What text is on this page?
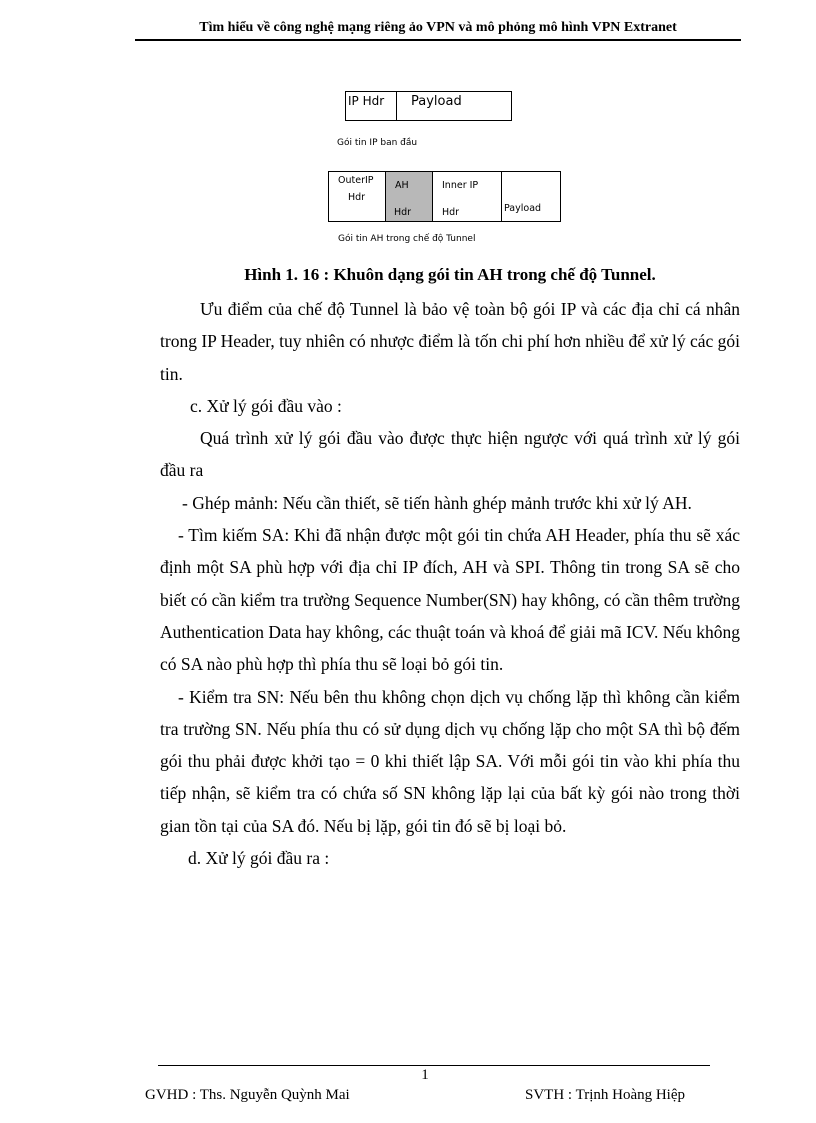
Tìm hiểu về công nghệ mạng riêng ảo VPN và mô phỏng mô hình VPN Extranet
IP Hdr Payload
Gói tin IP ban đầu
OuterIP
Hdr
AH
Hdr
Inner IP
Hdr	Payload
Gói tin AH trong chế độ Tunnel
Hình 1. 16 : Khuôn dạng gói tin AH trong chế độ Tunnel.

Ưu điểm của chế độ Tunnel là bảo vệ toàn bộ gói IP và các địa chỉ cá nhân trong IP Header, tuy nhiên có nhược điểm là tốn chi phí hơn nhiều để xử lý các gói tin.

c. Xử lý gói đầu vào :

Quá trình xử lý gói đầu vào được thực hiện ngược với quá trình xử lý gói đầu ra

- Ghép mảnh: Nếu cần thiết, sẽ tiến hành ghép mảnh trước khi xử lý AH.

- Tìm kiếm SA: Khi đã nhận được một gói tin chứa AH Header, phía thu sẽ xác định một SA phù hợp với địa chỉ IP đích, AH và SPI. Thông tin trong SA sẽ cho biết có cần kiểm tra trường Sequence Number(SN) hay không, có cần thêm trường Authentication Data hay không, các thuật toán và khoá để giải mã ICV. Nếu không có SA nào phù hợp thì phía thu sẽ loại bỏ gói tin.

- Kiểm tra SN: Nếu bên thu không chọn dịch vụ chống lặp thì không cần kiểm tra trường SN. Nếu phía thu có sử dụng dịch vụ chống lặp cho một SA thì bộ đếm gói thu phải được khởi tạo = 0 khi thiết lập SA. Với mỗi gói tin vào khi phía thu tiếp nhận, sẽ kiểm tra có chứa số SN không lặp lại của bất kỳ gói nào trong thời gian tồn tại của SA đó. Nếu bị lặp, gói tin đó sẽ bị loại bỏ.

d. Xử lý gói đầu ra :

1
GVHD : Ths. Nguyễn Quỳnh Mai	SVTH : Trịnh Hoàng Hiệp
